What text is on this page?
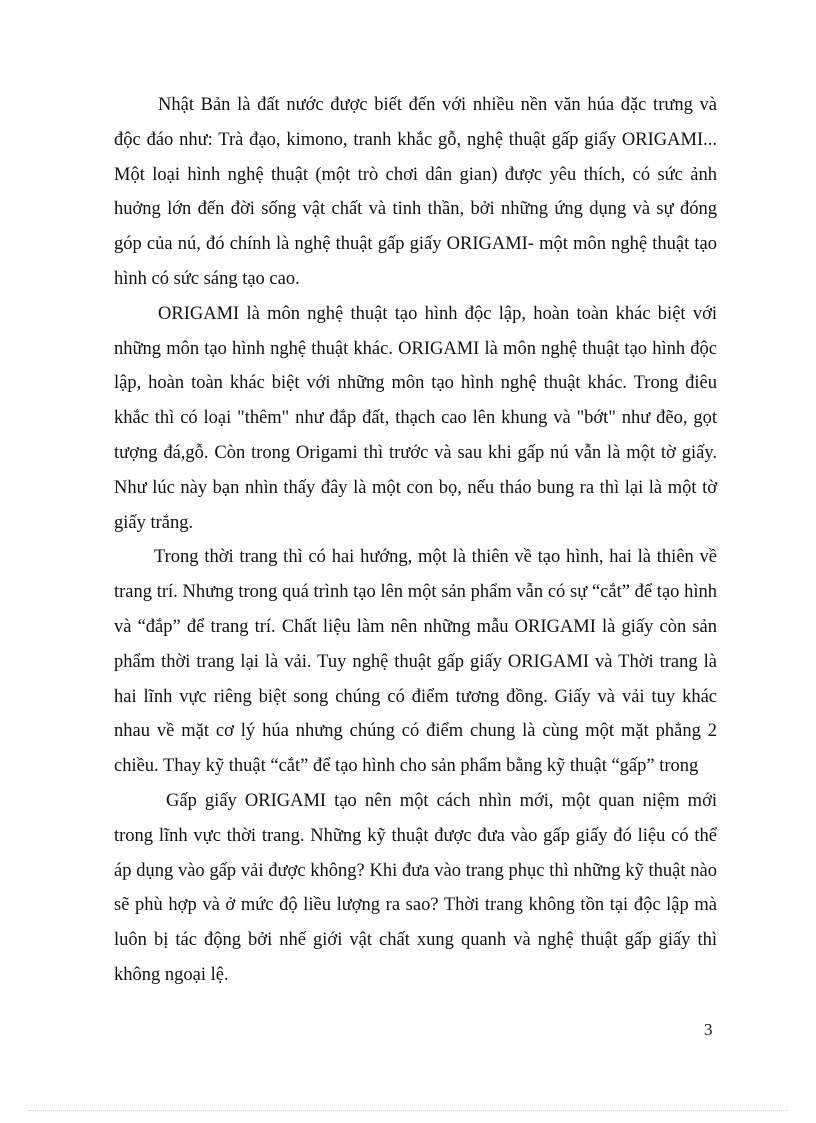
Nhật Bản là đất nước được biết đến với nhiều nền văn húa đặc trưng và độc đáo như: Trà đạo, kimono, tranh khắc gỗ, nghệ thuật gấp giấy ORIGAMI... Một loại hình nghệ thuật (một trò chơi dân gian) được yêu thích, có sức ảnh huởng lớn đến đời sống vật chất và tinh thần, bởi những ứng dụng và sự đóng góp của nú, đó chính là nghệ thuật gấp giấy ORIGAMI- một môn nghệ thuật tạo hình có sức sáng tạo cao.

ORIGAMI là môn nghệ thuật tạo hình độc lập, hoàn toàn khác biệt với những môn tạo hình nghệ thuật khác. ORIGAMI là môn nghệ thuật tạo hình độc lập, hoàn toàn khác biệt với những môn tạo hình nghệ thuật khác. Trong điêu khắc thì có loại "thêm" như đắp đất, thạch cao lên khung và "bớt" như đẽo, gọt tượng đá,gỗ. Còn trong Origami thì trước và sau khi gấp nú vẫn là một tờ giấy. Như lúc này bạn nhìn thấy đây là một con bọ, nếu tháo bung ra thì lại là một tờ giấy trắng.

Trong thời trang thì có hai hướng, một là thiên về tạo hình, hai là thiên về trang trí. Nhưng trong quá trình tạo lên một sản phẩm vẫn có sự “cắt” để tạo hình và “đắp” để trang trí. Chất liệu làm nên những mẫu ORIGAMI là giấy còn sản phẩm thời trang lại là vải. Tuy nghệ thuật gấp giấy ORIGAMI và Thời trang là hai lĩnh vực riêng biệt song chúng có điểm tương đồng. Giấy và vải tuy khác nhau về mặt cơ lý húa nhưng chúng có điểm chung là cùng một mặt phẳng 2 chiều. Thay kỹ thuật “cắt” để tạo hình cho sản phẩm bằng kỹ thuật “gấp” trong

Gấp giấy ORIGAMI tạo nên một cách nhìn mới, một quan niệm mới trong lĩnh vực thời trang. Những kỹ thuật được đưa vào gấp giấy đó liệu có thể áp dụng vào gấp vải được không? Khi đưa vào trang phục thì những kỹ thuật nào sẽ phù hợp và ở mức độ liều lượng ra sao? Thời trang không tồn tại độc lập mà luôn bị tác động bởi nhế giới vật chất xung quanh và nghệ thuật gấp giấy thì không ngoại lệ.

3
